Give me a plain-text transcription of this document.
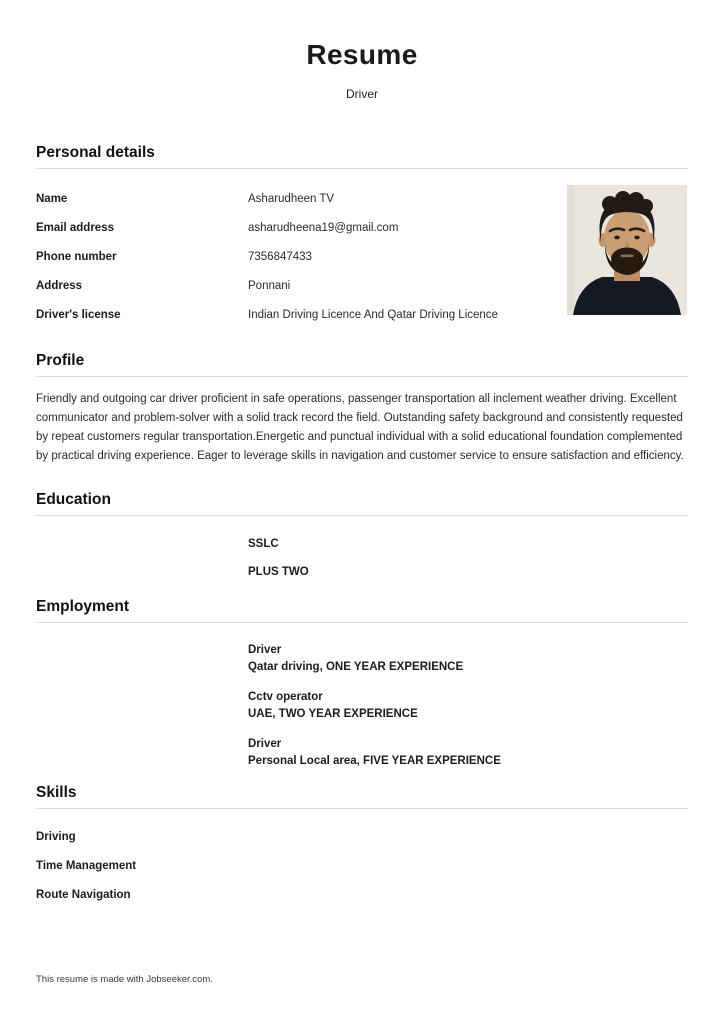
Resume
Driver
Personal details
Name	Asharudheen TV
Email address	asharudheena19@gmail.com
Phone number	7356847433
Address	Ponnani
Driver's license	Indian Driving Licence And Qatar Driving Licence
Profile

Friendly and outgoing car driver proficient in safe operations, passenger transportation all inclement weather driving. Excellent communicator and problem-solver with a solid track record the field. Outstanding safety background and consistently requested by repeat customers regular transportation.Energetic and punctual individual with a solid educational foundation complemented by practical driving experience. Eager to leverage skills in navigation and customer service to ensure satisfaction and efficiency.

Education
SSLC
PLUS TWO
Employment
Driver
Qatar driving, ONE YEAR EXPERIENCE
Cctv operator
UAE, TWO YEAR EXPERIENCE
Driver
Personal Local area, FIVE YEAR EXPERIENCE
Skills
Driving
Time Management
Route Navigation
This resume is made with Jobseeker.com.
